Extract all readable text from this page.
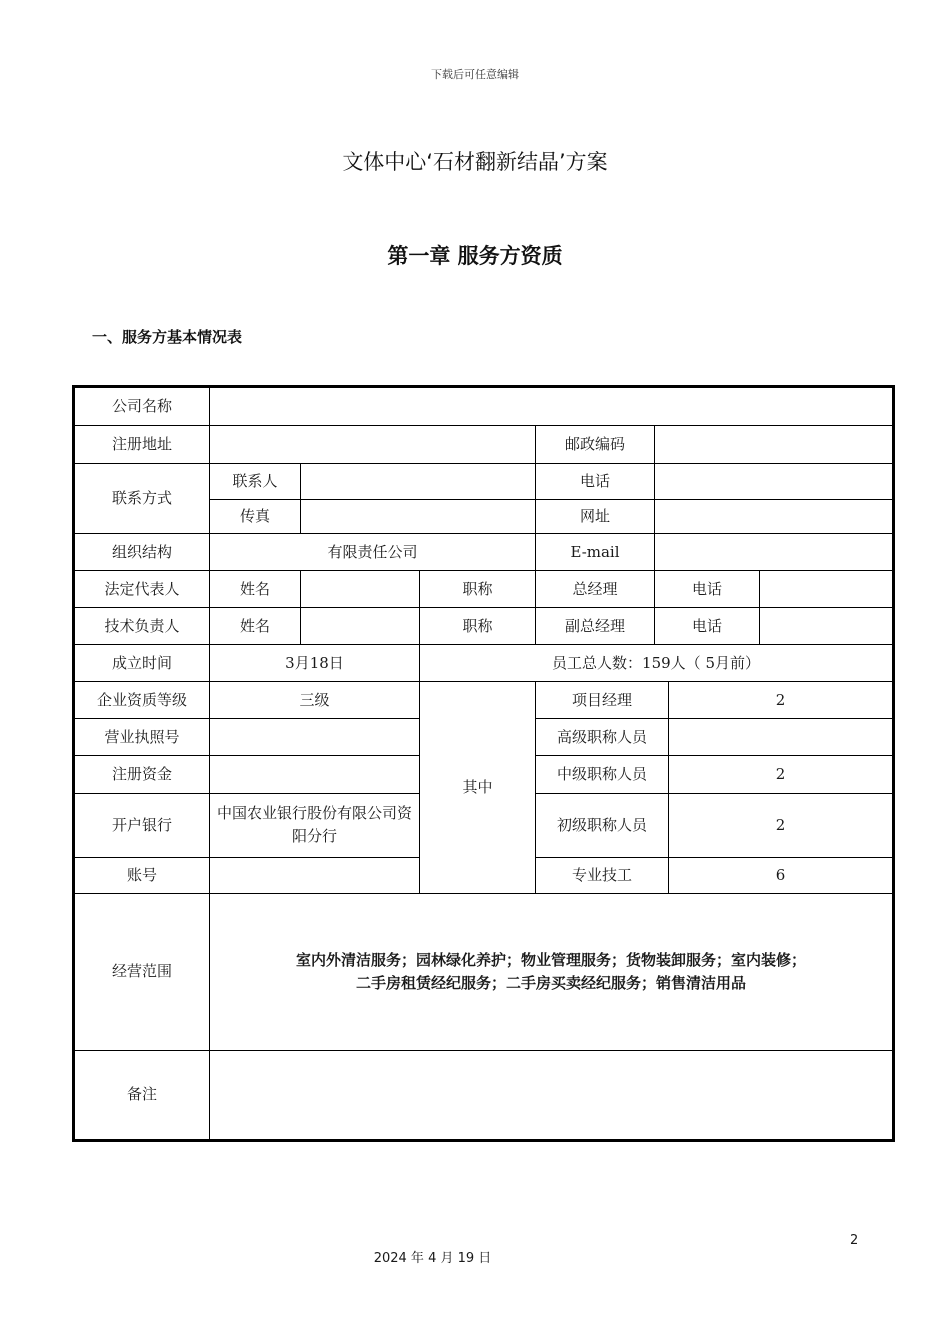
下载后可任意编辑
文体中心‘石材翻新结晶’方案
第一章 服务方资质
一、服务方基本情况表
公司名称							
注册地址				邮政编码			
联系方式	联系人			电话			
	传真			网址			
组织结构	有限责任公司			E-mail			
法定代表人	姓名		职称	总经理	电话		
技术负责人	姓名		职称	副总经理	电话		
成立时间	3月18日		员工总人数：159人（ 5月前）				
企业资质等级	三级		其中	项目经理		2	
营业执照号				高级职称人员			
注册资金				中级职称人员		2	
开户银行	中国农业银行股份有限公司资阳分行			初级职称人员		2	
账号				专业技工		6	
经营范围	室内外清洁服务；园林绿化养护；物业管理服务；货物装卸服务；室内装修；
二手房租赁经纪服务；二手房买卖经纪服务；销售清洁用品						

备注							
2
2024 年 4 月 19 日
